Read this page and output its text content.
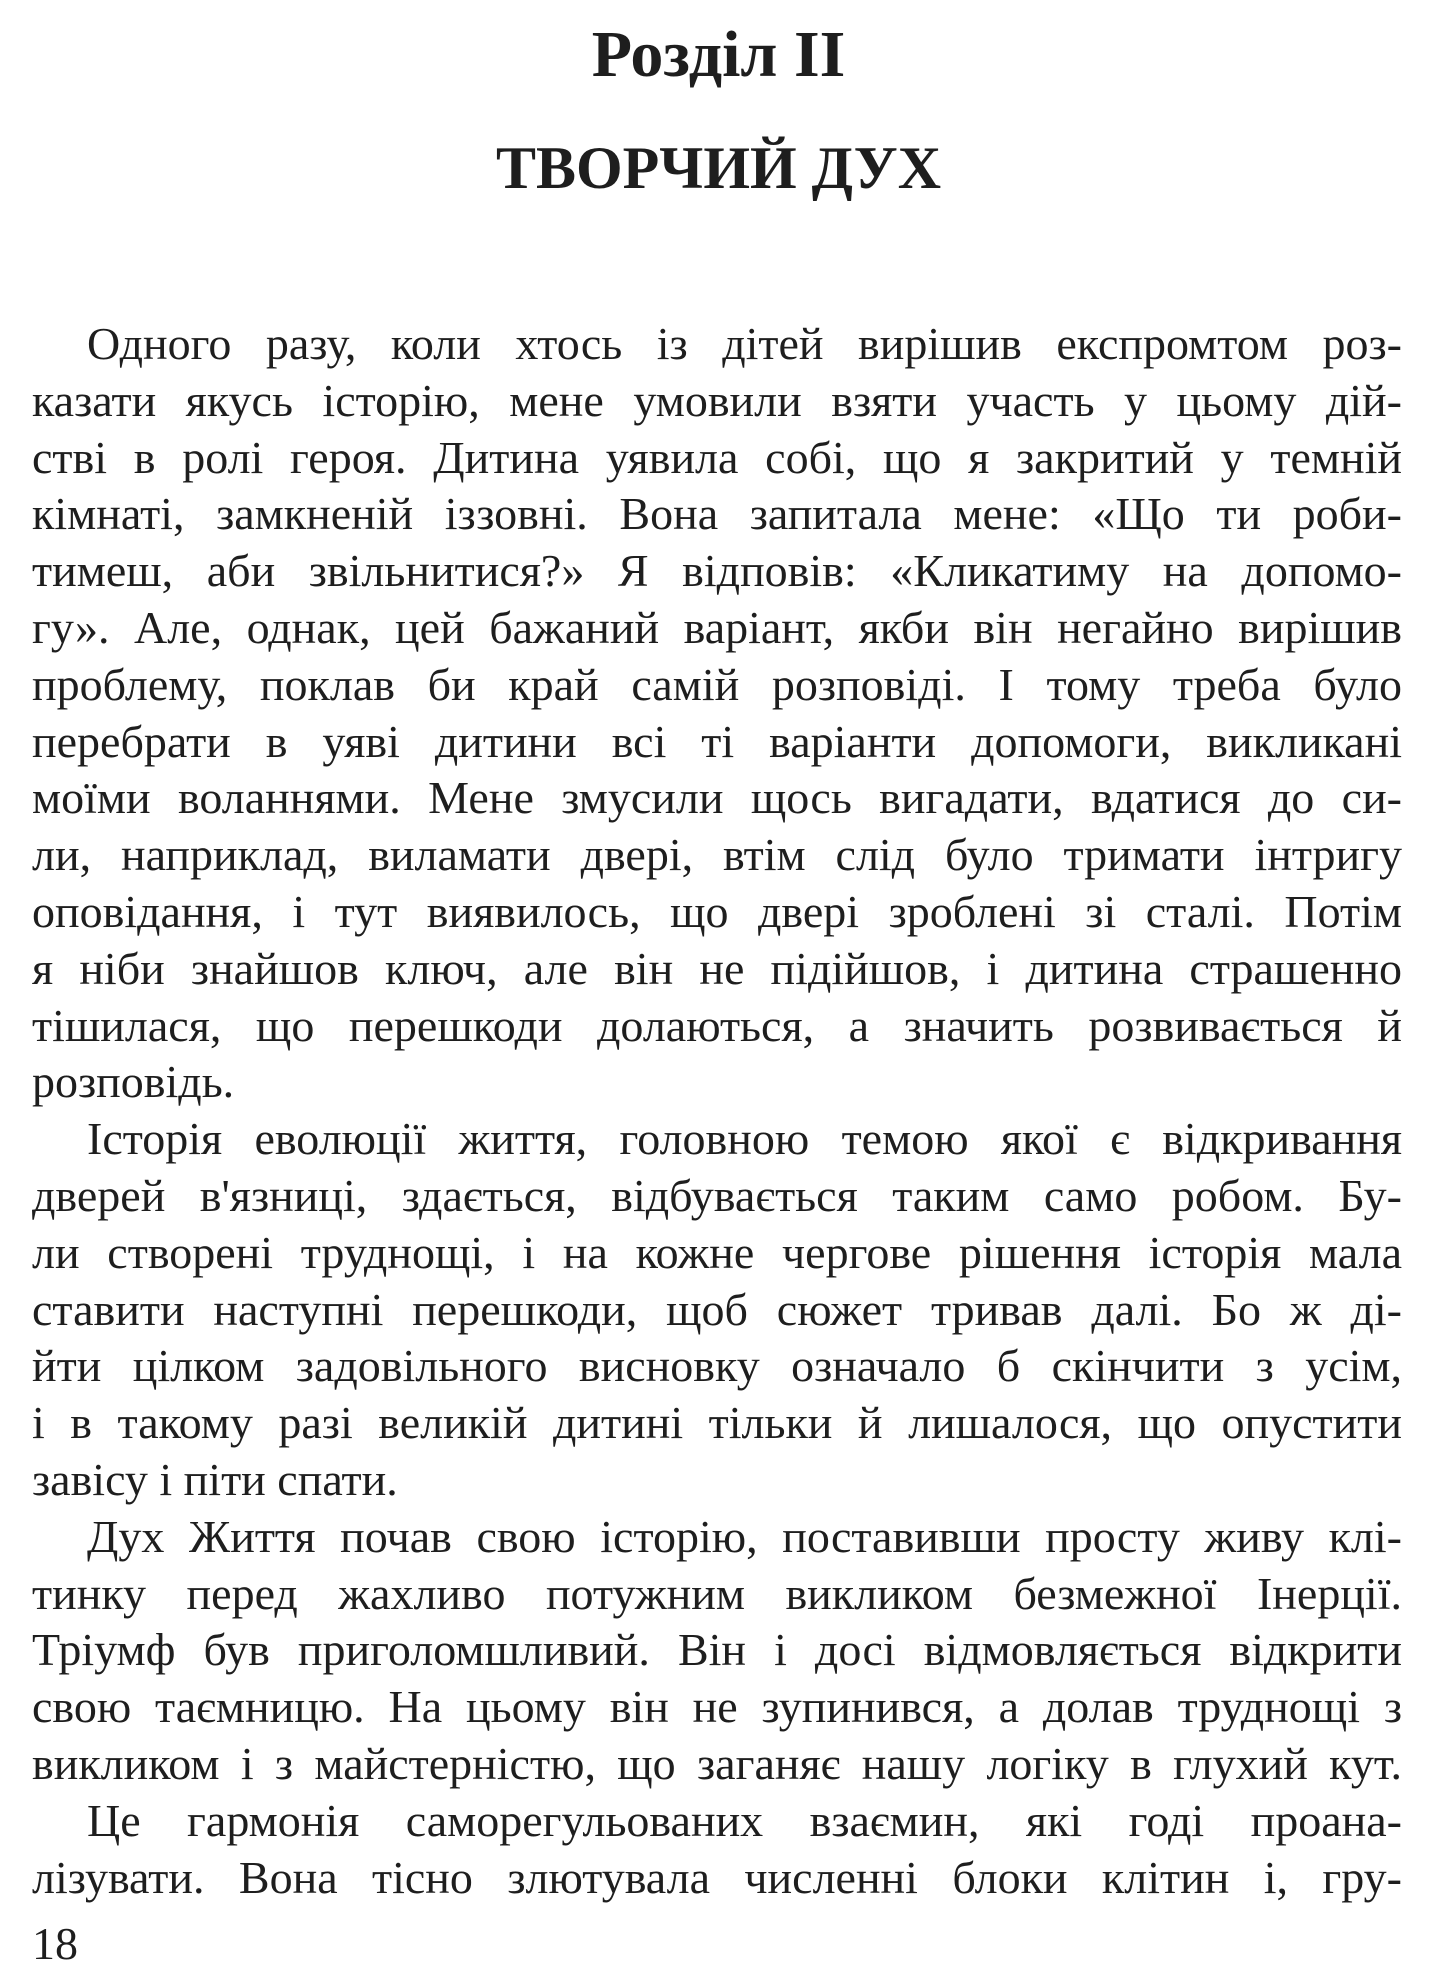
Розділ ІІ
ТВОРЧИЙ ДУХ
Одного разу, коли хтось із дітей вирішив експромтом роз-
казати якусь історію, мене умовили взяти участь у цьому дій-
стві в ролі героя. Дитина уявила собі, що я закритий у темній
кімнаті, замкненій іззовні. Вона запитала мене: «Що ти роби-
тимеш, аби звільнитися?» Я відповів: «Кликатиму на допомо-
гу». Але, однак, цей бажаний варіант, якби він негайно вирішив
проблему, поклав би край самій розповіді. І тому треба було
перебрати в уяві дитини всі ті варіанти допомоги, викликані
моїми воланнями. Мене змусили щось вигадати, вдатися до си-
ли, наприклад, виламати двері, втім слід було тримати інтригу
оповідання, і тут виявилось, що двері зроблені зі сталі. Потім
я ніби знайшов ключ, але він не підійшов, і дитина страшенно
тішилася, що перешкоди долаються, а значить розвивається й
розповідь.
Історія еволюції життя, головною темою якої є відкривання
дверей в'язниці, здається, відбувається таким само робом. Бу-
ли створені труднощі, і на кожне чергове рішення історія мала
ставити наступні перешкоди, щоб сюжет тривав далі. Бо ж ді-
йти цілком задовільного висновку означало б скінчити з усім,
і в такому разі великій дитині тільки й лишалося, що опустити
завісу і піти спати.
Дух Життя почав свою історію, поставивши просту живу клі-
тинку перед жахливо потужним викликом безмежної Інерції.
Тріумф був приголомшливий. Він і досі відмовляється відкрити
свою таємницю. На цьому він не зупинився, а долав труднощі з
викликом і з майстерністю, що заганяє нашу логіку в глухий кут.
Це гармонія саморегульованих взаємин, які годі проана-
лізувати. Вона тісно злютувала численні блоки клітин і, гру-
18
